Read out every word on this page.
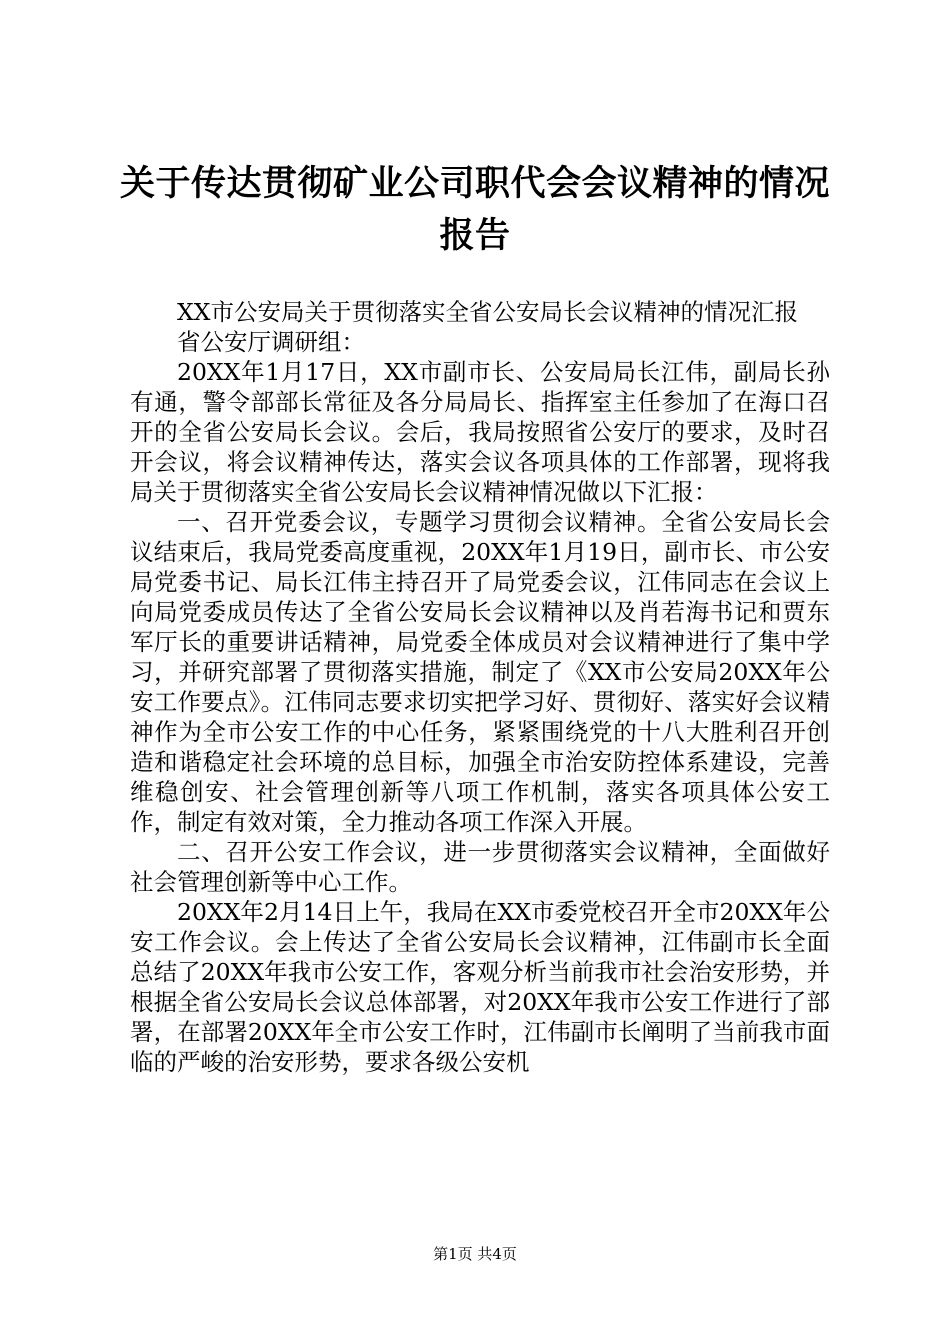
关于传达贯彻矿业公司职代会会议精神的情况报告

XX市公安局关于贯彻落实全省公安局长会议精神的情况汇报

省公安厅调研组：

20XX年1月17日，XX市副市长、公安局局长江伟，副局长孙有通，警令部部长常征及各分局局长、指挥室主任参加了在海口召开的全省公安局长会议。会后，我局按照省公安厅的要求，及时召开会议，将会议精神传达，落实会议各项具体的工作部署，现将我局关于贯彻落实全省公安局长会议精神情况做以下汇报：

一、召开党委会议，专题学习贯彻会议精神。全省公安局长会议结束后，我局党委高度重视，20XX年1月19日，副市长、市公安局党委书记、局长江伟主持召开了局党委会议，江伟同志在会议上向局党委成员传达了全省公安局长会议精神以及肖若海书记和贾东军厅长的重要讲话精神，局党委全体成员对会议精神进行了集中学习，并研究部署了贯彻落实措施，制定了《XX市公安局20XX年公安工作要点》。江伟同志要求切实把学习好、贯彻好、落实好会议精神作为全市公安工作的中心任务，紧紧围绕党的十八大胜利召开创造和谐稳定社会环境的总目标，加强全市治安防控体系建设，完善维稳创安、社会管理创新等八项工作机制，落实各项具体公安工作，制定有效对策，全力推动各项工作深入开展。

二、召开公安工作会议，进一步贯彻落实会议精神，全面做好社会管理创新等中心工作。

20XX年2月14日上午，我局在XX市委党校召开全市20XX年公安工作会议。会上传达了全省公安局长会议精神，江伟副市长全面总结了20XX年我市公安工作，客观分析当前我市社会治安形势，并根据全省公安局长会议总体部署，对20XX年我市公安工作进行了部署，在部署20XX年全市公安工作时，江伟副市长阐明了当前我市面临的严峻的治安形势，要求各级公安机

第1页 共4页
